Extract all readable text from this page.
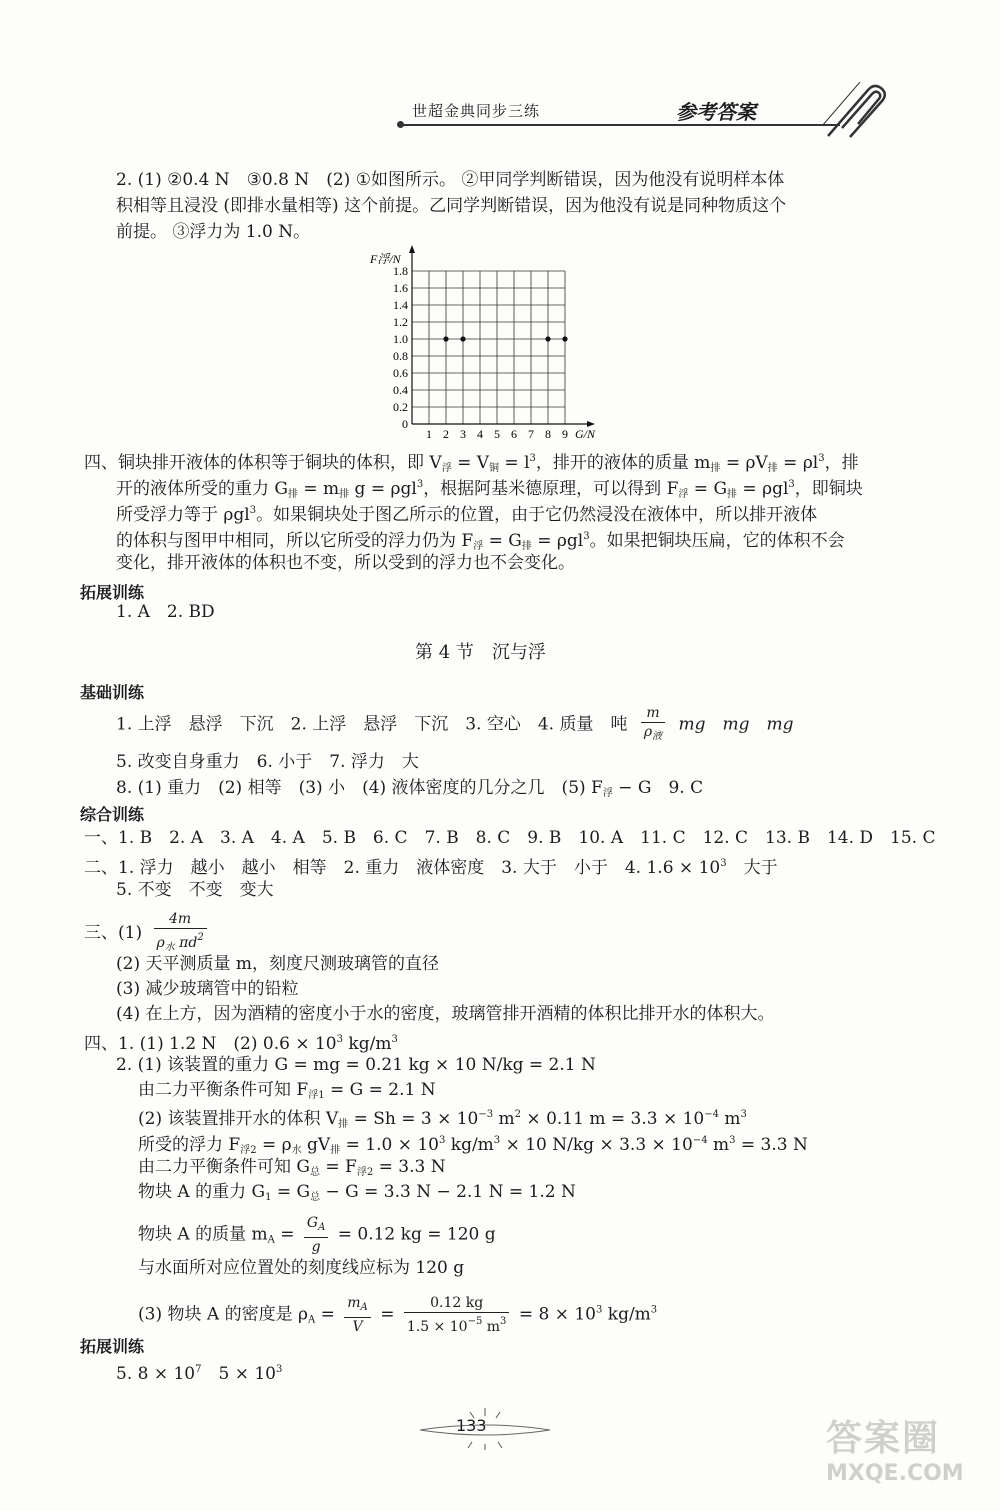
世超金典同步三练	参考答案
2. (1) ②0.4 N　③0.8 N　(2) ①如图所示。 ②甲同学判断错误，因为他没有说明样本体
积相等且浸没 (即排水量相等) 这个前提。乙同学判断错误，因为他没有说是同种物质这个
前提。 ③浮力为 1.0 N。
1.8
1.6
1.4
1.2
1.0
0.8
0.6
0.4
0.2
0
1 2 3 4 5 6 7 8 9
F浮/N
G/N
四、铜块排开液体的体积等于铜块的体积，即 $V_浮 = V_铜 = l^3$，排开的液体的质量 $m_排 = \rho V_排 = \rho l^3$，排
开的液体所受的重力 $G_排 = m_排$ g = ρgl$^3$，根据阿基米德原理，可以得到 $F_浮 = G_排 = \rho gl^3$，即铜块
所受浮力等于 ρgl$^3$。如果铜块处于图乙所示的位置，由于它仍然浸没在液体中，所以排开液体
的体积与图甲中相同，所以它所受的浮力仍为 $F_浮 = G_排 = \rho gl^3$。如果把铜块压扁，它的体积不会
变化，排开液体的体积也不变，所以受到的浮力也不会变化。
拓展训练
1. A　2. BD
第 4 节　沉与浮
基础训练
1. 上浮　悬浮　下沉　2. 上浮　悬浮　下沉　3. 空心　4. 质量　吨 $\frac{m}{\rho_液}$ mg　mg　mg
5. 改变自身重力　6. 小于　7. 浮力　大
8. (1) 重力　(2) 相等　(3) 小　(4) 液体密度的几分之几　(5) $F_浮 - G$　9. C
综合训练
一、1. B　2. A　3. A　4. A　5. B　6. C　7. B　8. C　9. B　10. A　11. C　12. C　13. B　14. D　15. C
二、1. 浮力　越小　越小　相等　2. 重力　液体密度　3. 大于　小于　4. $1.6 \times 10^3$　大于
5. 不变　不变　变大
三、$(1) \frac{4m}{\rho_水 \pi d^2}$
(2) 天平测质量 m，刻度尺测玻璃管的直径
(3) 减少玻璃管中的铅粒
(4) 在上方，因为酒精的密度小于水的密度，玻璃管排开酒精的体积比排开水的体积大。
四、1. (1) 1.2 N　(2) $0.6 \times 10^3$ $kg/m^3$
2. (1) 该装置的重力 G = mg = 0.21 kg × 10 N/kg = 2.1 N
由二力平衡条件可知 $F_{浮1} = G = 2.1$ N
(2) 该装置排开水的体积 $V_排 = Sh = 3 \times 10^{-3}$ $m^2 \times 0.11$ $m = 3.3 \times 10^{-4}$ $m^3$
所受的浮力 $F_{浮2} = \rho_水$ $gV_排 = 1.0 \times 10^3$ $kg/m^3 \times 10$ $N/kg \times 3.3 \times 10^{-4}$ $m^3 = 3.3$ N
由二力平衡条件可知 $G_总 = F_{浮2} = 3.3$ N
物块 A 的重力 $G_1 = G_总 - G = 3.3$ N − 2.1 N = 1.2 N
物块 A 的质量 $m_A = \frac{G_A}{g} = 0.12$ kg = 120 g
与水面所对应位置处的刻度线应标为 120 g
(3) 物块 A 的密度是 $\rho_A = \frac{m_A}{V} = \frac{0.12 kg}{1.5 \times 10^{-5} m^3} = 8 \times 10^3$ $kg/m^3$
拓展训练
5. $8 \times 10^7$　$5 \times 10^3$
133	答案圈
MXQE.COM
